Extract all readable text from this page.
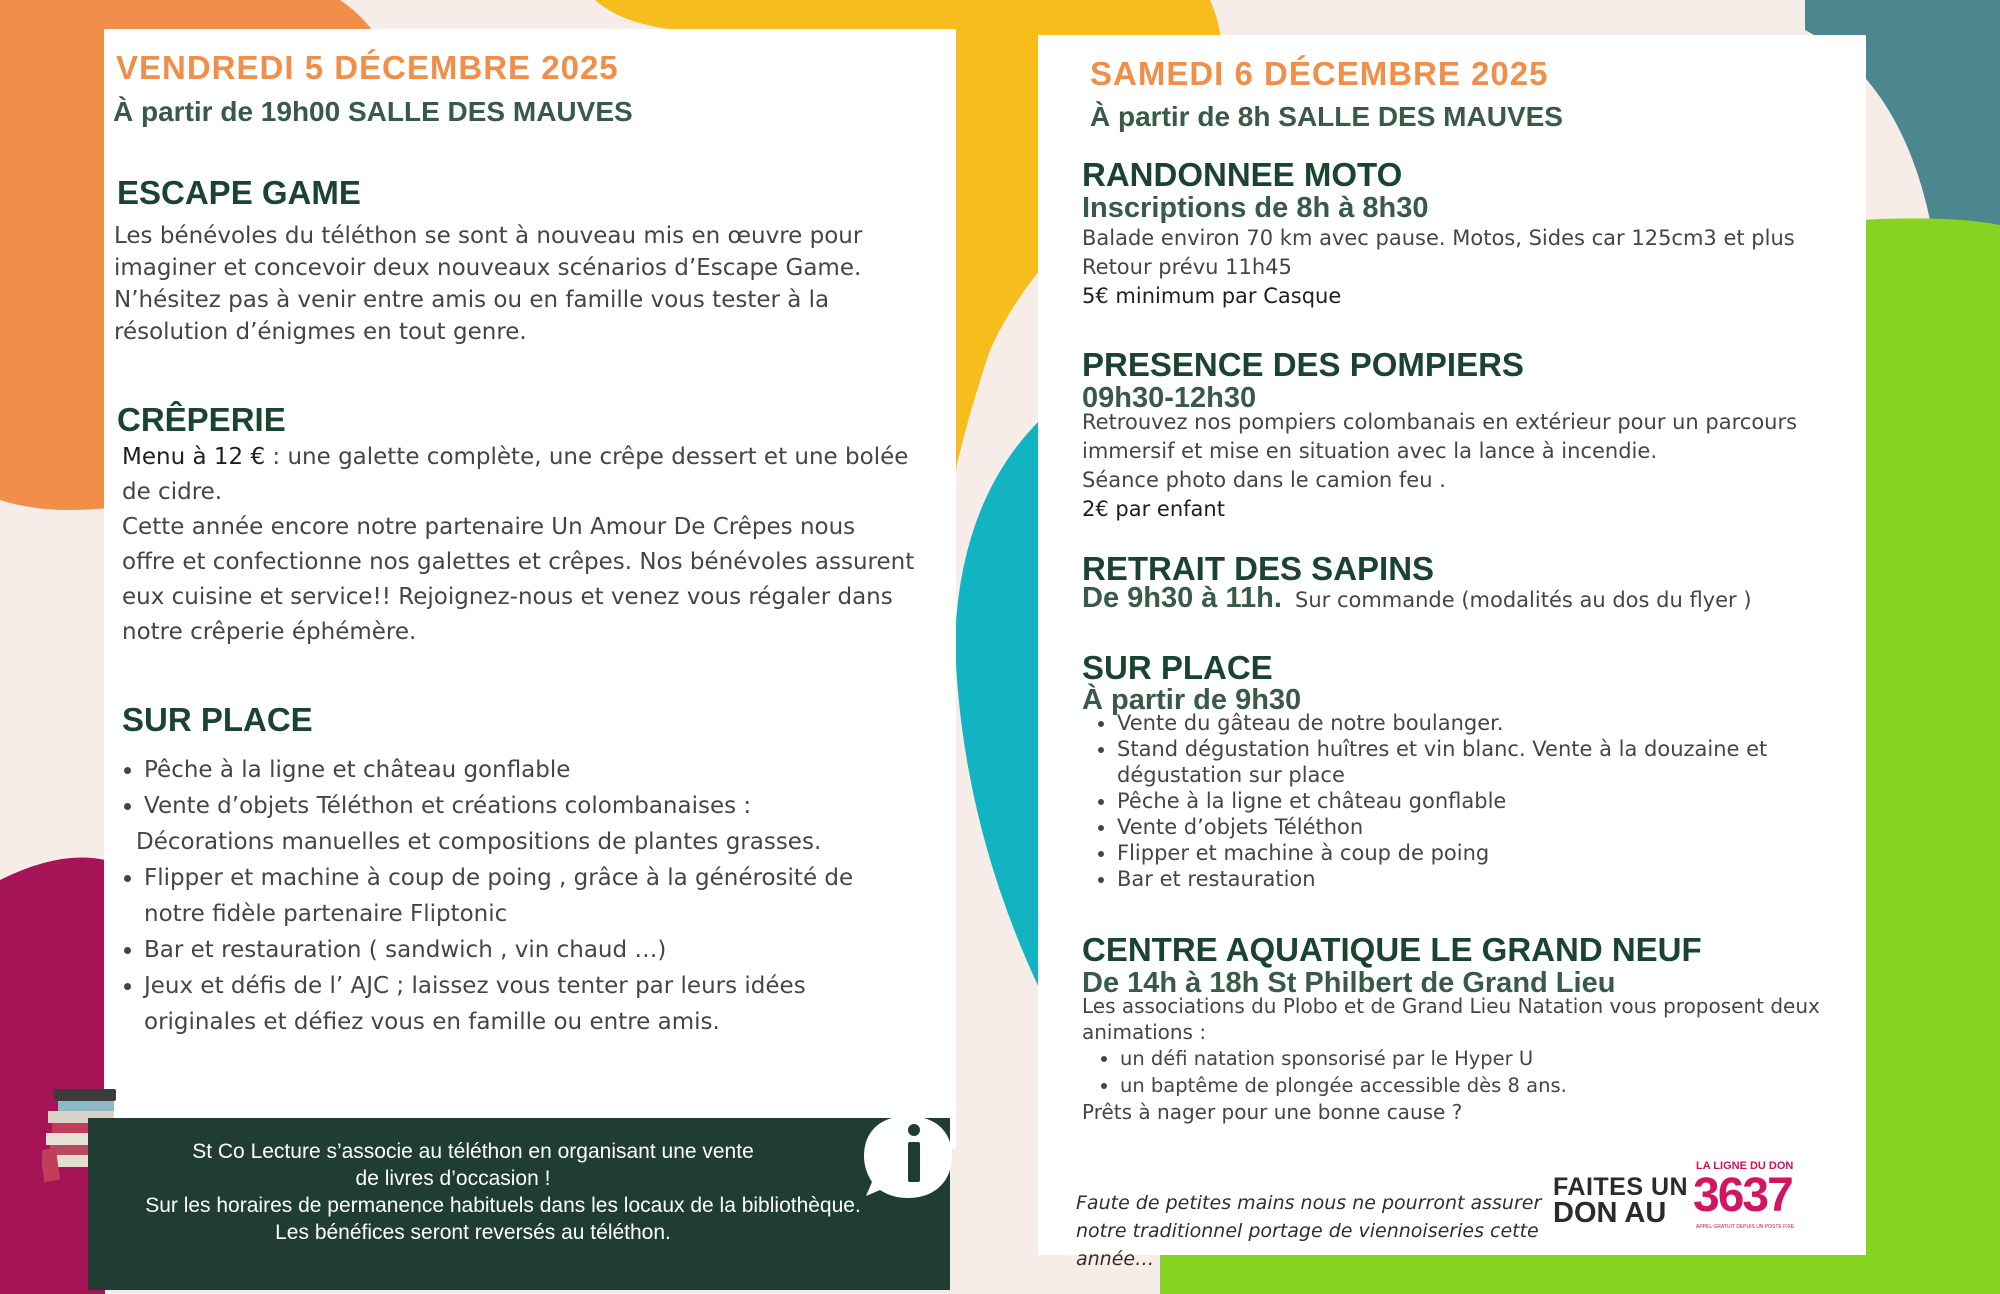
VENDREDI 5 DÉCEMBRE 2025
À partir de 19h00 SALLE DES MAUVES
ESCAPE GAME

Les bénévoles du téléthon se sont à nouveau mis en œuvre pour

imaginer et concevoir deux nouveaux scénarios d’Escape Game.

N’hésitez pas à venir entre amis ou en famille vous tester à la

résolution d’énigmes en tout genre.

CRÊPERIE

Menu à 12 € : une galette complète, une crêpe dessert et une bolée

de cidre.

Cette année encore notre partenaire Un Amour De Crêpes nous

offre et confectionne nos galettes et crêpes. Nos bénévoles assurent

eux cuisine et service!! Rejoignez-nous et venez vous régaler dans

notre crêperie éphémère.

SUR PLACE
• Pêche à la ligne et château gonflable
• Vente d’objets Téléthon et créations colombanaises :
Décorations manuelles et compositions de plantes grasses.
• Flipper et machine à coup de poing , grâce à la générosité de
notre fidèle partenaire Fliptonic
• Bar et restauration ( sandwich , vin chaud …)
• Jeux et défis de l’ AJC ; laissez vous tenter par leurs idées
originales et défiez vous en famille ou entre amis.

St Co Lecture s’associe au téléthon en organisant une vente

de livres d’occasion !

Sur les horaires de permanence habituels dans les locaux de la bibliothèque.

Les bénéfices seront reversés au téléthon.

SAMEDI 6 DÉCEMBRE 2025
À partir de 8h SALLE DES MAUVES
RANDONNEE MOTO
Inscriptions de 8h à 8h30

Balade environ 70 km avec pause. Motos, Sides car 125cm3 et plus

Retour prévu 11h45

5€ minimum par Casque

PRESENCE DES POMPIERS
09h30-12h30

Retrouvez nos pompiers colombanais en extérieur pour un parcours

immersif et mise en situation avec la lance à incendie.

Séance photo dans le camion feu .

2€ par enfant

RETRAIT DES SAPINS
De 9h30 à 11h. Sur commande (modalités au dos du flyer )
SUR PLACE
À partir de 9h30
• Vente du gâteau de notre boulanger.
• Stand dégustation huîtres et vin blanc. Vente à la douzaine et
dégustation sur place
• Pêche à la ligne et château gonflable
• Vente d’objets Téléthon
• Flipper et machine à coup de poing
• Bar et restauration
CENTRE AQUATIQUE LE GRAND NEUF
De 14h à 18h St Philbert de Grand Lieu

Les associations du Plobo et de Grand Lieu Natation vous proposent deux

animations :

• un défi natation sponsorisé par le Hyper U
• un baptême de plongée accessible dès 8 ans.

Prêts à nager pour une bonne cause ?

Faute de petites mains nous ne pourront assurer

notre traditionnel portage de viennoiseries cette

année…

FAITES UN
DON AU
LA LIGNE DU DON
3637
APPEL GRATUIT DEPUIS UN POSTE FIXE
